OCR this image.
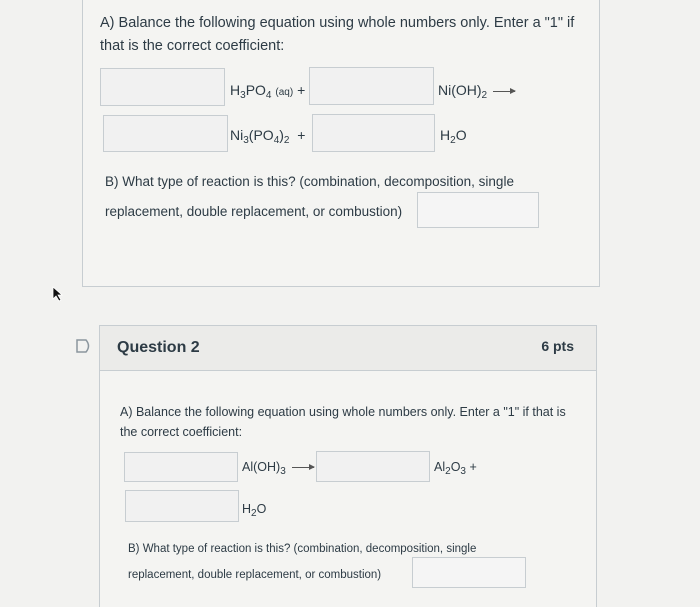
A) Balance the following equation using whole numbers only. Enter a "1" if that is the correct coefficient:
$H_3PO_4$ (aq) +	$Ni(OH)_2$ →
$Ni_3(PO_4)_2$ +	$H_2O$
B) What type of reaction is this? (combination, decomposition, single
replacement, double replacement, or combustion)
Question 2	6 pts
A) Balance the following equation using whole numbers only. Enter a "1" if that is the correct coefficient:
$Al(OH)_3$ →	$Al_2O_3$ +
$H_2O$
B) What type of reaction is this? (combination, decomposition, single
replacement, double replacement, or combustion)
